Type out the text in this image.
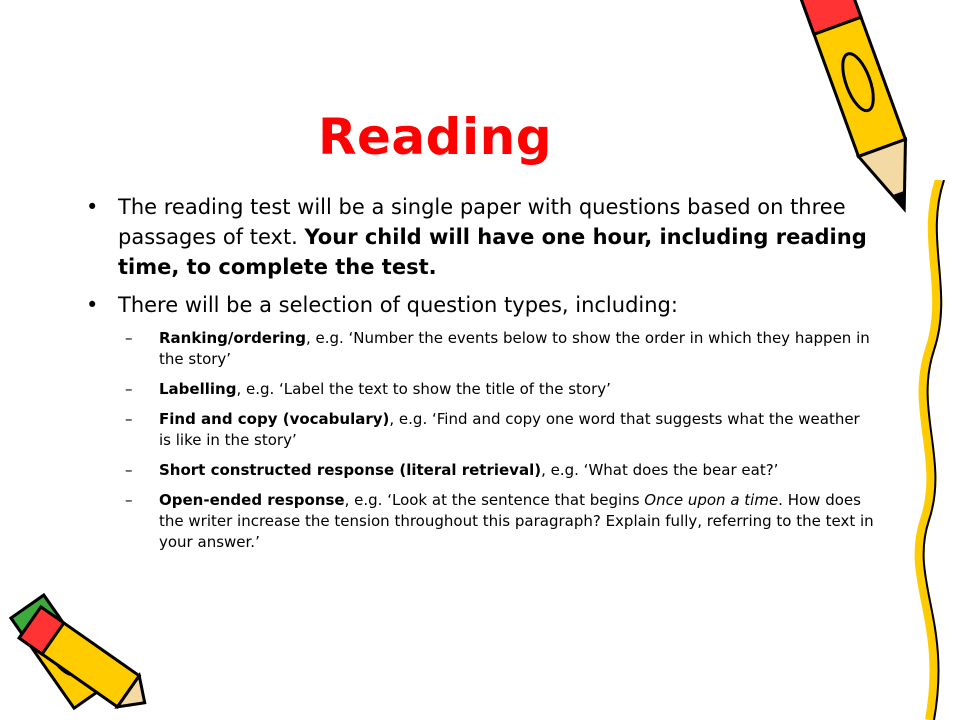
Reading
• The reading test will be a single paper with questions based on three passages of text. Your child will have one hour, including reading time, to complete the test.
• There will be a selection of question types, including:
– Ranking/ordering, e.g. ‘Number the events below to show the order in which they happen in the story’
– Labelling, e.g. ‘Label the text to show the title of the story’
– Find and copy (vocabulary), e.g. ‘Find and copy one word that suggests what the weather is like in the story’
– Short constructed response (literal retrieval), e.g. ‘What does the bear eat?’
– Open-ended response, e.g. ‘Look at the sentence that begins Once upon a time. How does the writer increase the tension throughout this paragraph? Explain fully, referring to the text in your answer.’
